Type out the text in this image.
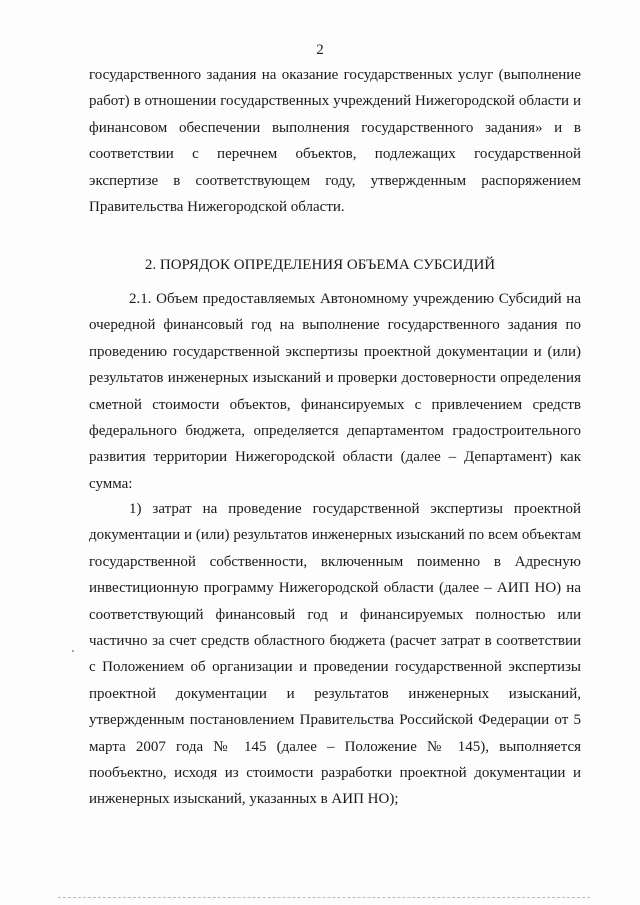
2

государственного задания на оказание государственных услуг (выполнение работ) в отношении государственных учреждений Нижегородской области и финансовом обеспечении выполнения государственного задания» и в соответствии с перечнем объектов, подлежащих государственной экспертизе в соответствующем году, утвержденным распоряжением Правительства Нижегородской области.

2. ПОРЯДОК ОПРЕДЕЛЕНИЯ ОБЪЕМА СУБСИДИЙ

2.1. Объем предоставляемых Автономному учреждению Субсидий на очередной финансовый год на выполнение государственного задания по проведению государственной экспертизы проектной документации и (или) результатов инженерных изысканий и проверки достоверности определения сметной стоимости объектов, финансируемых с привлечением средств федерального бюджета, определяется департаментом градостроительного развития территории Нижегородской области (далее – Департамент) как сумма:

1) затрат на проведение государственной экспертизы проектной документации и (или) результатов инженерных изысканий по всем объектам государственной собственности, включенным поименно в Адресную инвестиционную программу Нижегородской области (далее – АИП НО) на соответствующий финансовый год и финансируемых полностью или частично за счет средств областного бюджета (расчет затрат в соответствии с Положением об организации и проведении государственной экспертизы проектной документации и результатов инженерных изысканий, утвержденным постановлением Правительства Российской Федерации от 5 марта 2007 года № 145 (далее – Положение № 145), выполняется пообъектно, исходя из стоимости разработки проектной документации и инженерных изысканий, указанных в АИП НО);
